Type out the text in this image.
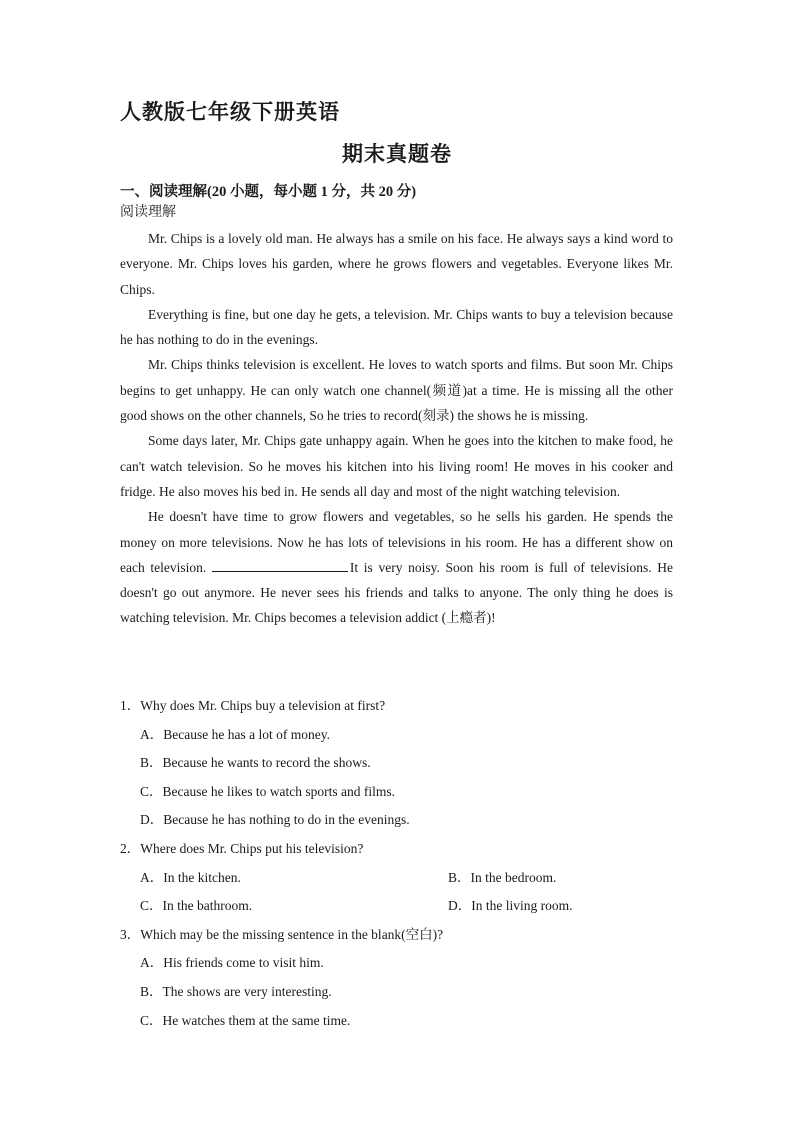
人教版七年级下册英语
期末真题卷
一、阅读理解(20 小题，每小题 1 分，共 20 分)
阅读理解

Mr. Chips is a lovely old man. He always has a smile on his face. He always says a kind word to everyone. Mr. Chips loves his garden, where he grows flowers and vegetables. Everyone likes Mr. Chips.

Everything is fine, but one day he gets, a television. Mr. Chips wants to buy a television because he has nothing to do in the evenings.

Mr. Chips thinks television is excellent. He loves to watch sports and films. But soon Mr. Chips begins to get unhappy. He can only watch one channel(频道)at a time. He is missing all the other good shows on the other channels, So he tries to record(刻录) the shows he is missing.

Some days later, Mr. Chips gate unhappy again. When he goes into the kitchen to make food, he can't watch television. So he moves his kitchen into his living room! He moves in his cooker and fridge. He also moves his bed in. He sends all day and most of the night watching television.

He doesn't have time to grow flowers and vegetables, so he sells his garden. He spends the money on more televisions. Now he has lots of televisions in his room. He has a different show on each television.	It is very noisy. Soon his room is full of televisions. He doesn't go out anymore. He never sees his friends and talks to anyone. The only thing he does is watching television. Mr. Chips becomes a television addict (上瘾者)!

1．Why does Mr. Chips buy a television at first?
A．Because he has a lot of money.
B．Because he wants to record the shows.
C．Because he likes to watch sports and films.
D．Because he has nothing to do in the evenings.
2．Where does Mr. Chips put his television?
A．In the kitchen.	B．In the bedroom.
C．In the bathroom.	D．In the living room.
3．Which may be the missing sentence in the blank(空白)?
A．His friends come to visit him.
B．The shows are very interesting.
C．He watches them at the same time.
